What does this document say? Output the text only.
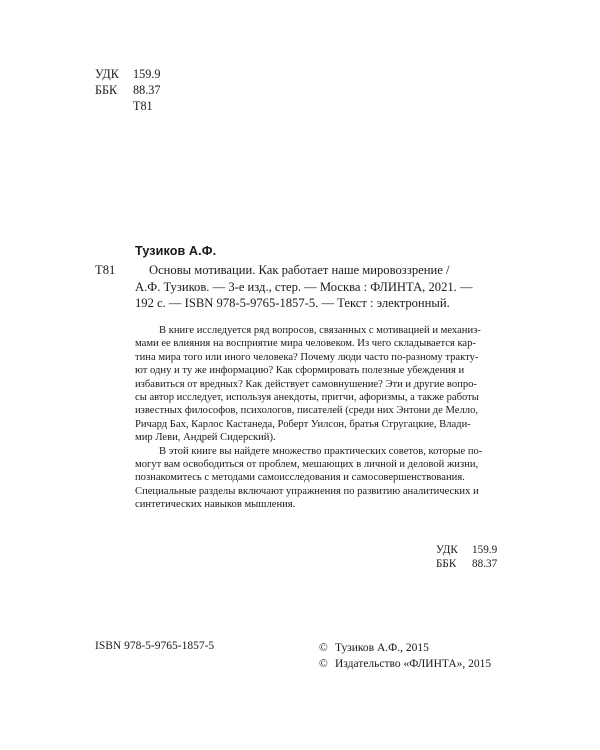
УДК	159.9
ББК	88.37
Т81
Тузиков А.Ф.
Т81	Основы мотивации. Как работает наше мировоззрение /
А.Ф. Тузиков. — 3-е изд., стер. — Москва : ФЛИНТА, 2021. —
192 с. — ISBN 978-5-9765-1857-5. — Текст : электронный.
В книге исследуется ряд вопросов, связанных с мотивацией и механиз-
мами ее влияния на восприятие мира человеком. Из чего складывается кар-
тина мира того или иного человека? Почему люди часто по-разному тракту-
ют одну и ту же информацию? Как сформировать полезные убеждения и
избавиться от вредных? Как действует самовнушение? Эти и другие вопро-
сы автор исследует, используя анекдоты, притчи, афоризмы, а также работы
известных философов, психологов, писателей (среди них Энтони де Мелло,
Ричард Бах, Карлос Кастанеда, Роберт Уилсон, братья Стругацкие, Влади-
мир Леви, Андрей Сидерский).
В этой книге вы найдете множество практических советов, которые по-
могут вам освободиться от проблем, мешающих в личной и деловой жизни,
познакомитесь с методами самоисследования и самосовершенствования.
Специальные разделы включают упражнения по развитию аналитических и
синтетических навыков мышления.
УДК	159.9
ББК	88.37
ISBN 978-5-9765-1857-5	© Тузиков А.Ф., 2015
© Издательство «ФЛИНТА», 2015
